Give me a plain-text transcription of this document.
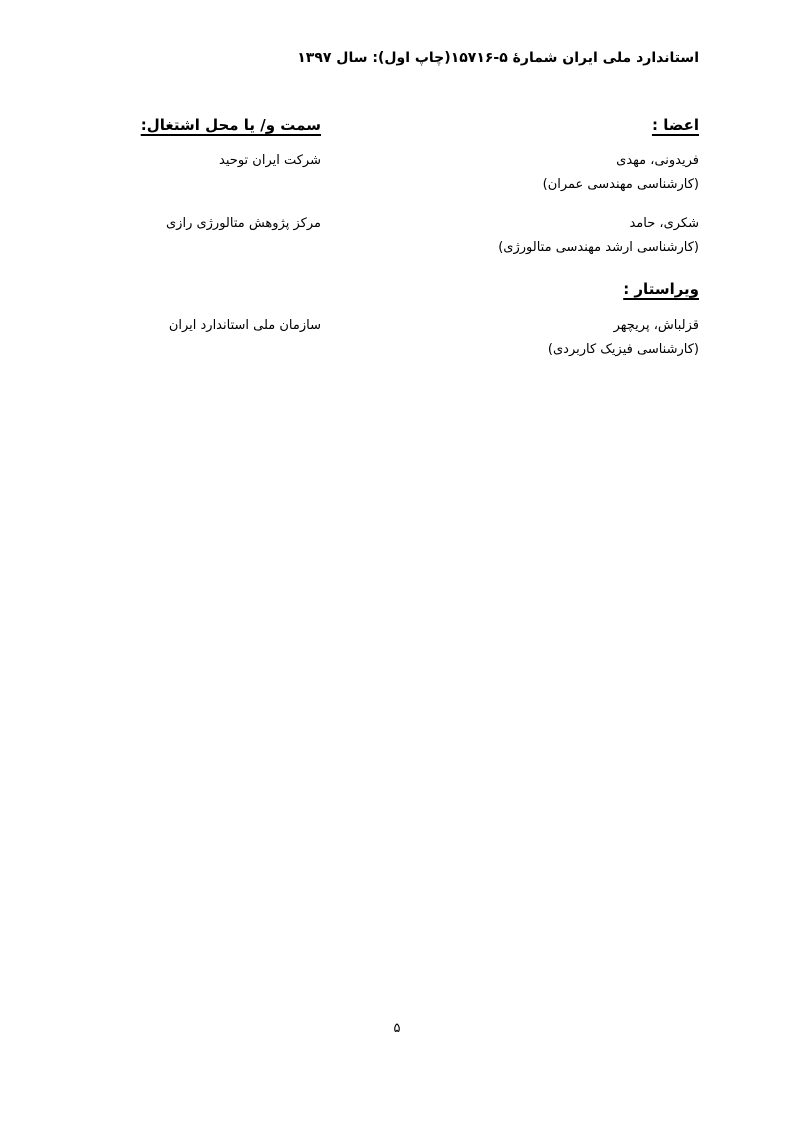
استاندارد ملی ایران شمارۀ ۵-۱۵۷۱۶(چاپ اول): سال ۱۳۹۷
اعضا :
سمت و/ یا محل اشتغال:
فریدونی، مهدی
(کارشناسی مهندسی عمران)
شرکت ایران توحید
شکری، حامد
(کارشناسی ارشد مهندسی متالورژی)
مرکز پژوهش متالورژی رازی
ویراستار :
قزلباش، پریچهر
(کارشناسی فیزیک کاربردی)
سازمان ملی استاندارد ایران
۵
